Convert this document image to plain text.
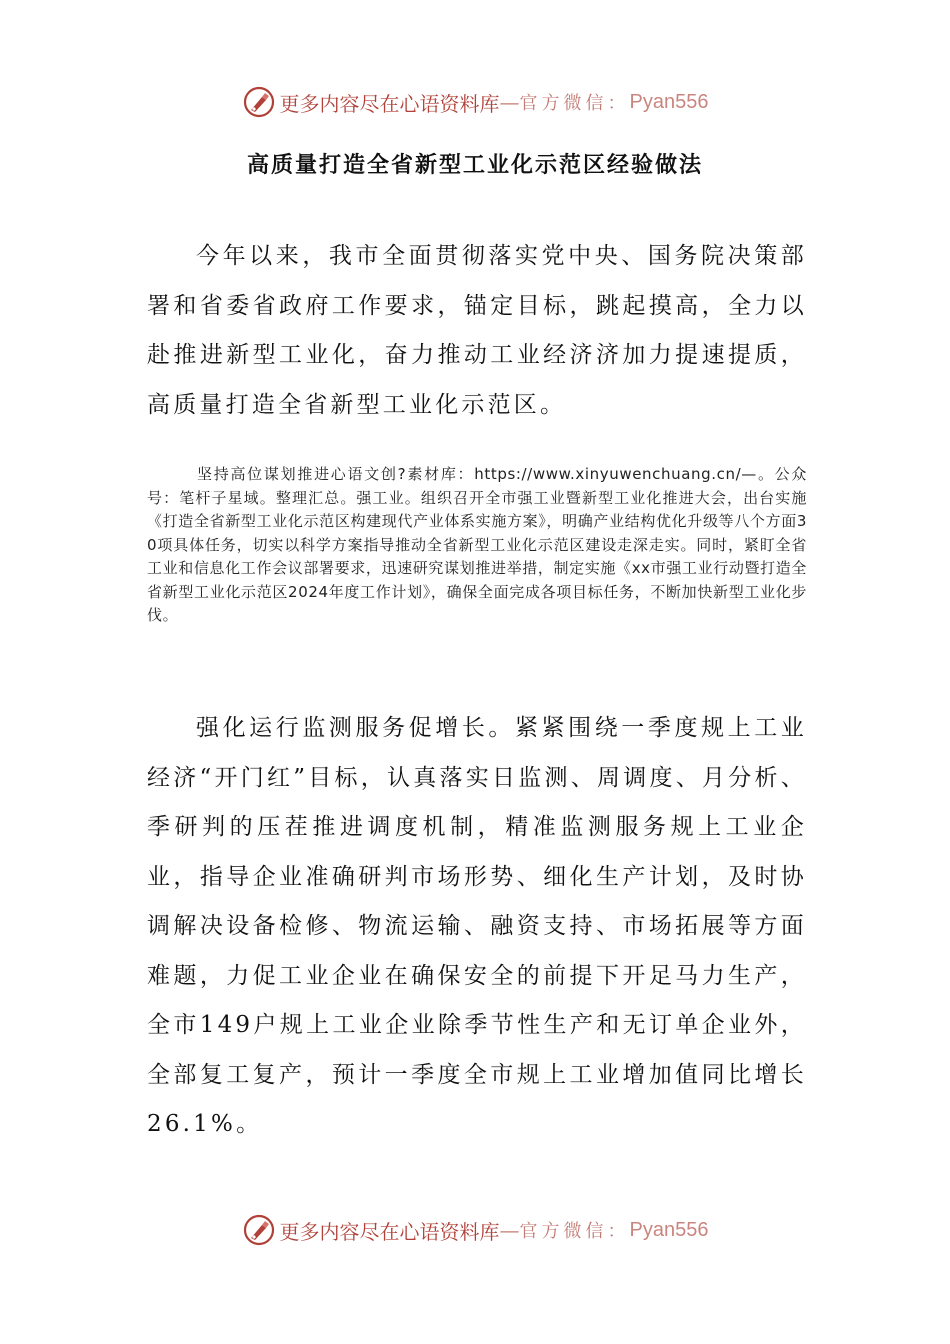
更多内容尽在心语资料库 — 官方微信： Pyan556
高质量打造全省新型工业化示范区经验做法

今年以来，我市全面贯彻落实党中央、国务院决策部署和省委省政府工作要求，锚定目标，跳起摸高，全力以赴推进新型工业化，奋力推动工业经济济加力提速提质，高质量打造全省新型工业化示范区。

坚持高位谋划推进心语文创?素材库：https://www.xinyuwenchuang.cn/—。公众号：笔杆子星域。整理汇总。强工业。组织召开全市强工业暨新型工业化推进大会，出台实施《打造全省新型工业化示范区构建现代产业体系实施方案》，明确产业结构优化升级等八个方面30项具体任务，切实以科学方案指导推动全省新型工业化示范区建设走深走实。同时，紧盯全省工业和信息化工作会议部署要求，迅速研究谋划推进举措，制定实施《xx市强工业行动暨打造全省新型工业化示范区2024年度工作计划》，确保全面完成各项目标任务，不断加快新型工业化步伐。

强化运行监测服务促增长。紧紧围绕一季度规上工业经济“开门红”目标，认真落实日监测、周调度、月分析、季研判的压茬推进调度机制，精准监测服务规上工业企业，指导企业准确研判市场形势、细化生产计划，及时协调解决设备检修、物流运输、融资支持、市场拓展等方面难题，力促工业企业在确保安全的前提下开足马力生产，全市149户规上工业企业除季节性生产和无订单企业外，全部复工复产，预计一季度全市规上工业增加值同比增长26.1%。

更多内容尽在心语资料库 — 官方微信： Pyan556
